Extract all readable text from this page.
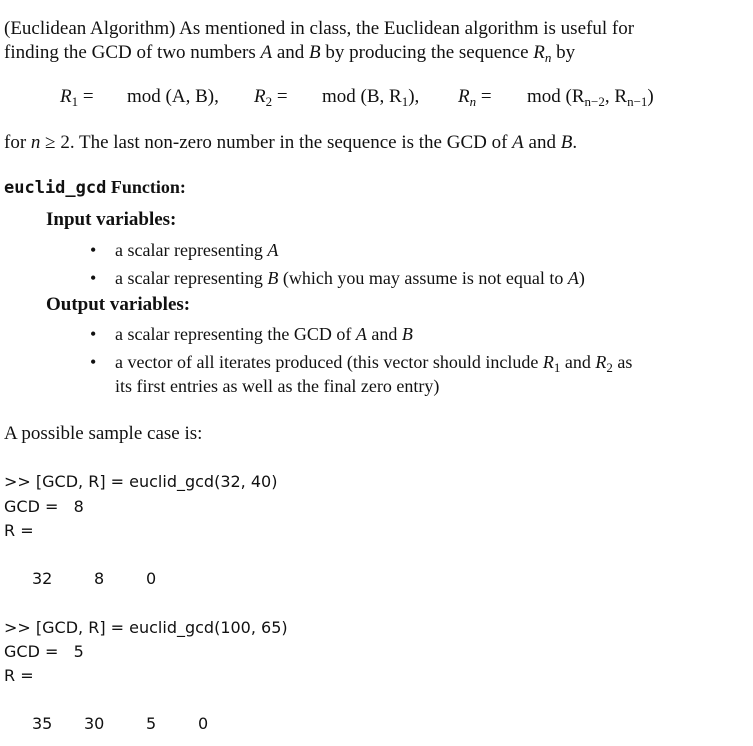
(Euclidean Algorithm) As mentioned in class, the Euclidean algorithm is useful for
finding the GCD of two numbers A and B by producing the sequence $R_n$ by
$R_1$ = mod (A, B), $R_2$ = mod (B, $R_1$), $R_n$ = mod ($R_{n-2}$, $R_{n-1}$)
for n ≥ 2. The last non-zero number in the sequence is the GCD of A and B.
euclid_gcd Function:
Input variables:
• a scalar representing A
• a scalar representing B (which you may assume is not equal to A)
Output variables:
• a scalar representing the GCD of A and B
• a vector of all iterates produced (this vector should include $R_1$ and $R_2$ as
its first entries as well as the final zero entry)
A possible sample case is:
>> [GCD, R] = euclid_gcd(32, 40)
GCD =   8
R =
32	8	0
>> [GCD, R] = euclid_gcd(100, 65)
GCD =   5
R =
35 30	5	0
